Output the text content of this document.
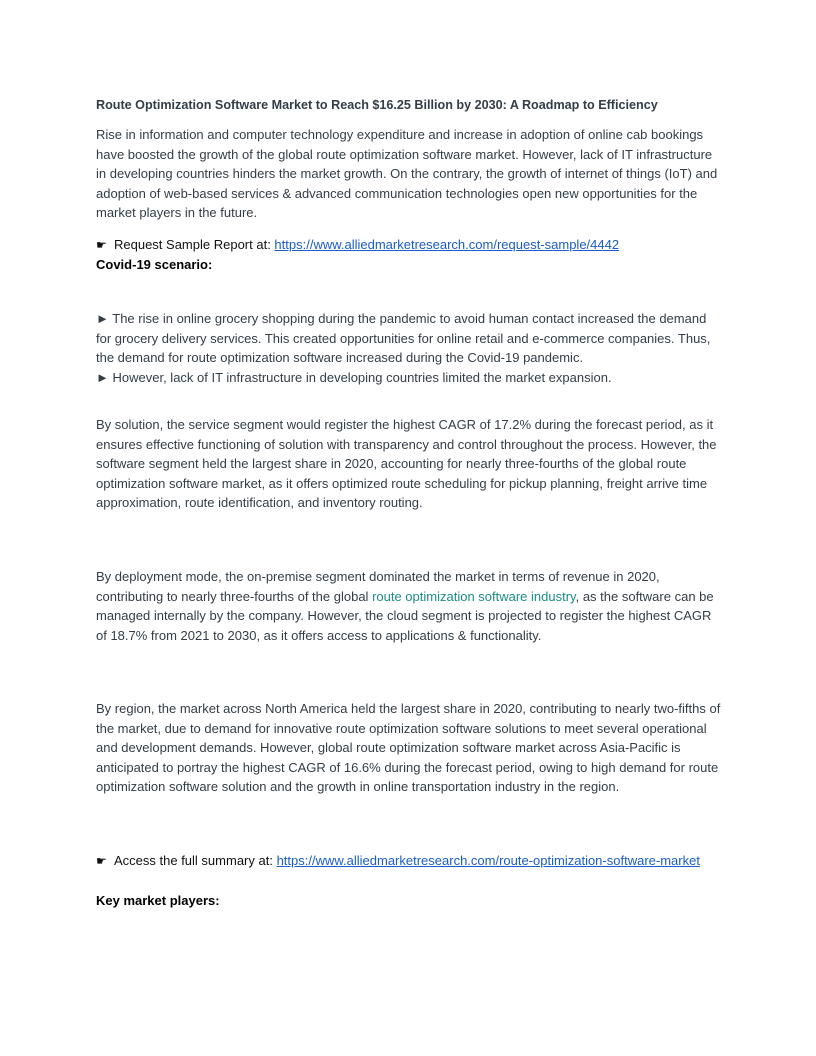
Route Optimization Software Market to Reach $16.25 Billion by 2030: A Roadmap to Efficiency
Rise in information and computer technology expenditure and increase in adoption of online cab bookings have boosted the growth of the global route optimization software market. However, lack of IT infrastructure in developing countries hinders the market growth. On the contrary, the growth of internet of things (IoT) and adoption of web-based services & advanced communication technologies open new opportunities for the market players in the future.
☛ Request Sample Report at: https://www.alliedmarketresearch.com/request-sample/4442
Covid-19 scenario:
► The rise in online grocery shopping during the pandemic to avoid human contact increased the demand for grocery delivery services. This created opportunities for online retail and e-commerce companies. Thus, the demand for route optimization software increased during the Covid-19 pandemic.
► However, lack of IT infrastructure in developing countries limited the market expansion.
By solution, the service segment would register the highest CAGR of 17.2% during the forecast period, as it ensures effective functioning of solution with transparency and control throughout the process. However, the software segment held the largest share in 2020, accounting for nearly three-fourths of the global route optimization software market, as it offers optimized route scheduling for pickup planning, freight arrive time approximation, route identification, and inventory routing.
By deployment mode, the on-premise segment dominated the market in terms of revenue in 2020, contributing to nearly three-fourths of the global route optimization software industry, as the software can be managed internally by the company. However, the cloud segment is projected to register the highest CAGR of 18.7% from 2021 to 2030, as it offers access to applications & functionality.
By region, the market across North America held the largest share in 2020, contributing to nearly two-fifths of the market, due to demand for innovative route optimization software solutions to meet several operational and development demands. However, global route optimization software market across Asia-Pacific is anticipated to portray the highest CAGR of 16.6% during the forecast period, owing to high demand for route optimization software solution and the growth in online transportation industry in the region.
☛ Access the full summary at: https://www.alliedmarketresearch.com/route-optimization-software-market
Key market players:
